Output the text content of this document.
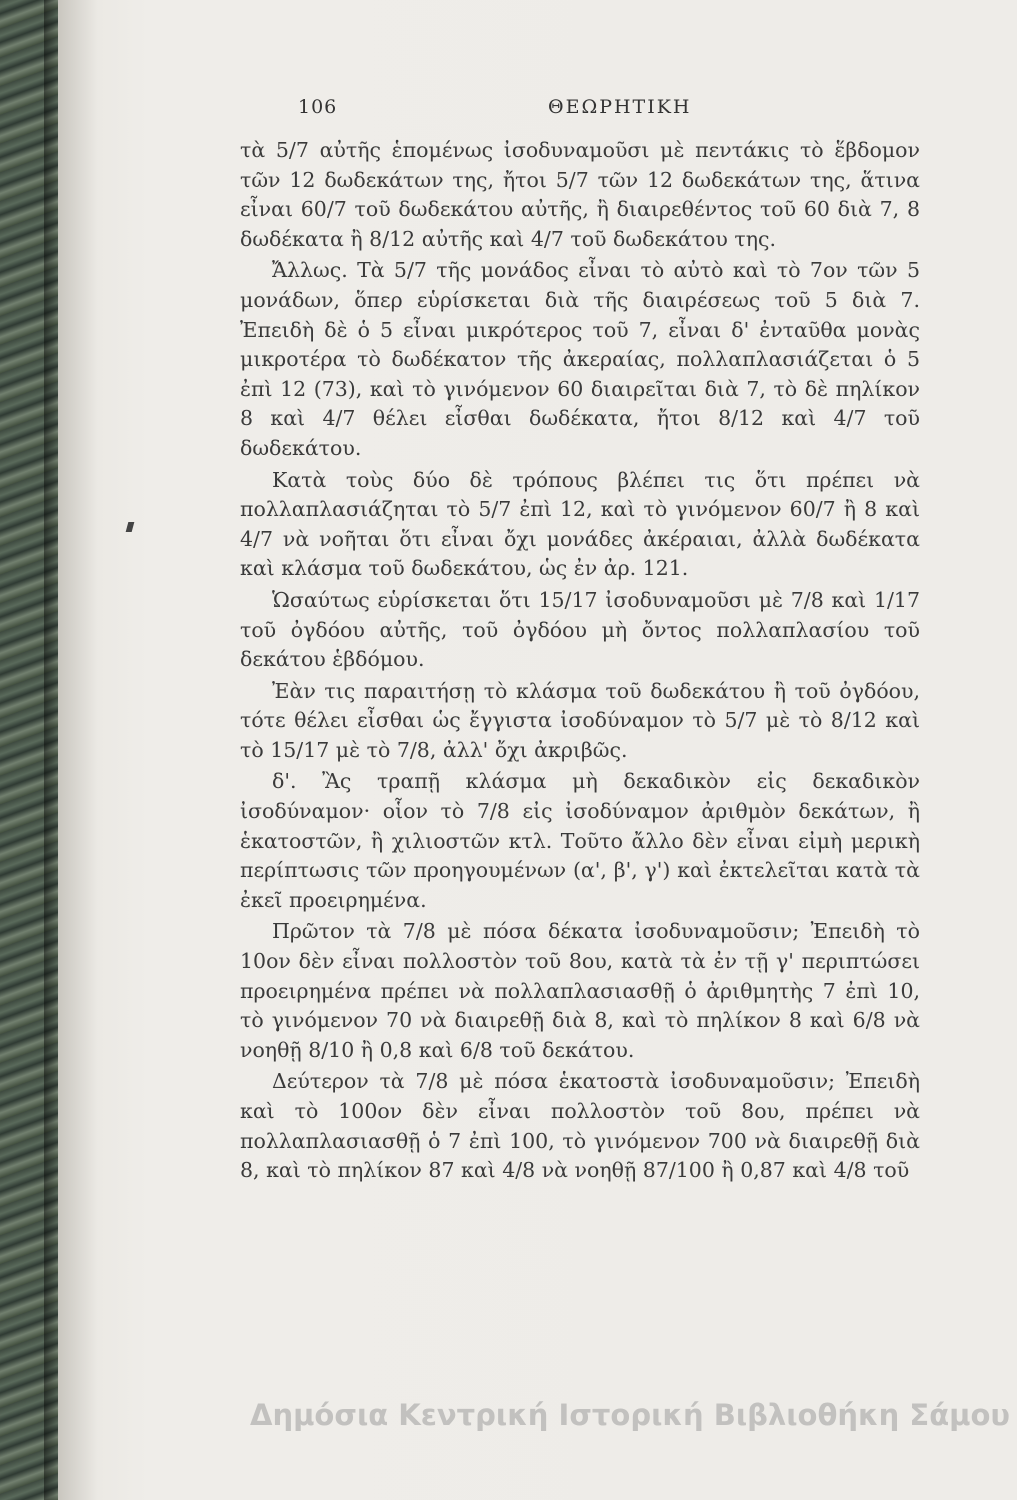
106	ΘΕΩΡΗΤΙΚΗ

τὰ 5/7 αὐτῆς ἑπομένως ἰσοδυναμοῦσι μὲ πεντάκις τὸ ἕβδομον τῶν 12 δωδεκάτων της, ἤτοι 5/7 τῶν 12 δωδεκάτων της, ἅτινα εἶναι 60/7 τοῦ δωδεκάτου αὐτῆς, ἢ διαιρεθέντος τοῦ 60 διὰ 7, 8 δωδέκατα ἢ 8/12 αὐτῆς καὶ 4/7 τοῦ δωδεκάτου της.

Ἄλλως. Τὰ 5/7 τῆς μονάδος εἶναι τὸ αὐτὸ καὶ τὸ 7ον τῶν 5 μονάδων, ὅπερ εὑρίσκεται διὰ τῆς διαιρέσεως τοῦ 5 διὰ 7. Ἐπειδὴ δὲ ὁ 5 εἶναι μικρότερος τοῦ 7, εἶναι δ' ἐνταῦθα μονὰς μικροτέρα τὸ δωδέκατον τῆς ἀκεραίας, πολλαπλασιάζεται ὁ 5 ἐπὶ 12 (73), καὶ τὸ γινόμενον 60 διαιρεῖται διὰ 7, τὸ δὲ πηλίκον 8 καὶ 4/7 θέλει εἶσθαι δωδέκατα, ἤτοι 8/12 καὶ 4/7 τοῦ δωδεκάτου.

Κατὰ τοὺς δύο δὲ τρόπους βλέπει τις ὅτι πρέπει νὰ πολλαπλασιάζηται τὸ 5/7 ἐπὶ 12, καὶ τὸ γινόμενον 60/7 ἢ 8 καὶ 4/7 νὰ νοῆται ὅτι εἶναι ὄχι μονάδες ἀκέραιαι, ἀλλὰ δωδέκατα καὶ κλάσμα τοῦ δωδεκάτου, ὡς ἐν ἀρ. 121.

Ὡσαύτως εὑρίσκεται ὅτι 15/17 ἰσοδυναμοῦσι μὲ 7/8 καὶ 1/17 τοῦ ὀγδόου αὐτῆς, τοῦ ὀγδόου μὴ ὄντος πολλαπλασίου τοῦ δεκάτου ἑβδόμου.

Ἐὰν τις παραιτήσῃ τὸ κλάσμα τοῦ δωδεκάτου ἢ τοῦ ὀγδόου, τότε θέλει εἶσθαι ὡς ἔγγιστα ἰσοδύναμον τὸ 5/7 μὲ τὸ 8/12 καὶ τὸ 15/17 μὲ τὸ 7/8, ἀλλ' ὄχι ἀκριβῶς.

δ'. Ἂς τραπῇ κλάσμα μὴ δεκαδικὸν εἰς δεκαδικὸν ἰσοδύναμον· οἷον τὸ 7/8 εἰς ἰσοδύναμον ἀριθμὸν δεκάτων, ἢ ἑκατοστῶν, ἢ χιλιοστῶν κτλ. Τοῦτο ἄλλο δὲν εἶναι εἰμὴ μερικὴ περίπτωσις τῶν προηγουμένων (α', β', γ') καὶ ἐκτελεῖται κατὰ τὰ ἐκεῖ προειρημένα.

Πρῶτον τὰ 7/8 μὲ πόσα δέκατα ἰσοδυναμοῦσιν; Ἐπειδὴ τὸ 10ον δὲν εἶναι πολλοστὸν τοῦ 8ου, κατὰ τὰ ἐν τῇ γ' περιπτώσει προειρημένα πρέπει νὰ πολλαπλασιασθῇ ὁ ἀριθμητὴς 7 ἐπὶ 10, τὸ γινόμενον 70 νὰ διαιρεθῇ διὰ 8, καὶ τὸ πηλίκον 8 καὶ 6/8 νὰ νοηθῇ 8/10 ἢ 0,8 καὶ 6/8 τοῦ δεκάτου.

Δεύτερον τὰ 7/8 μὲ πόσα ἑκατοστὰ ἰσοδυναμοῦσιν; Ἐπειδὴ καὶ τὸ 100ον δὲν εἶναι πολλοστὸν τοῦ 8ου, πρέπει νὰ πολλαπλασιασθῇ ὁ 7 ἐπὶ 100, τὸ γινόμενον 700 νὰ διαιρεθῇ διὰ 8, καὶ τὸ πηλίκον 87 καὶ 4/8 νὰ νοηθῇ 87/100 ἢ 0,87 καὶ 4/8 τοῦ

Δημόσια Κεντρική Ιστορική Βιβλιοθήκη Σάμου
